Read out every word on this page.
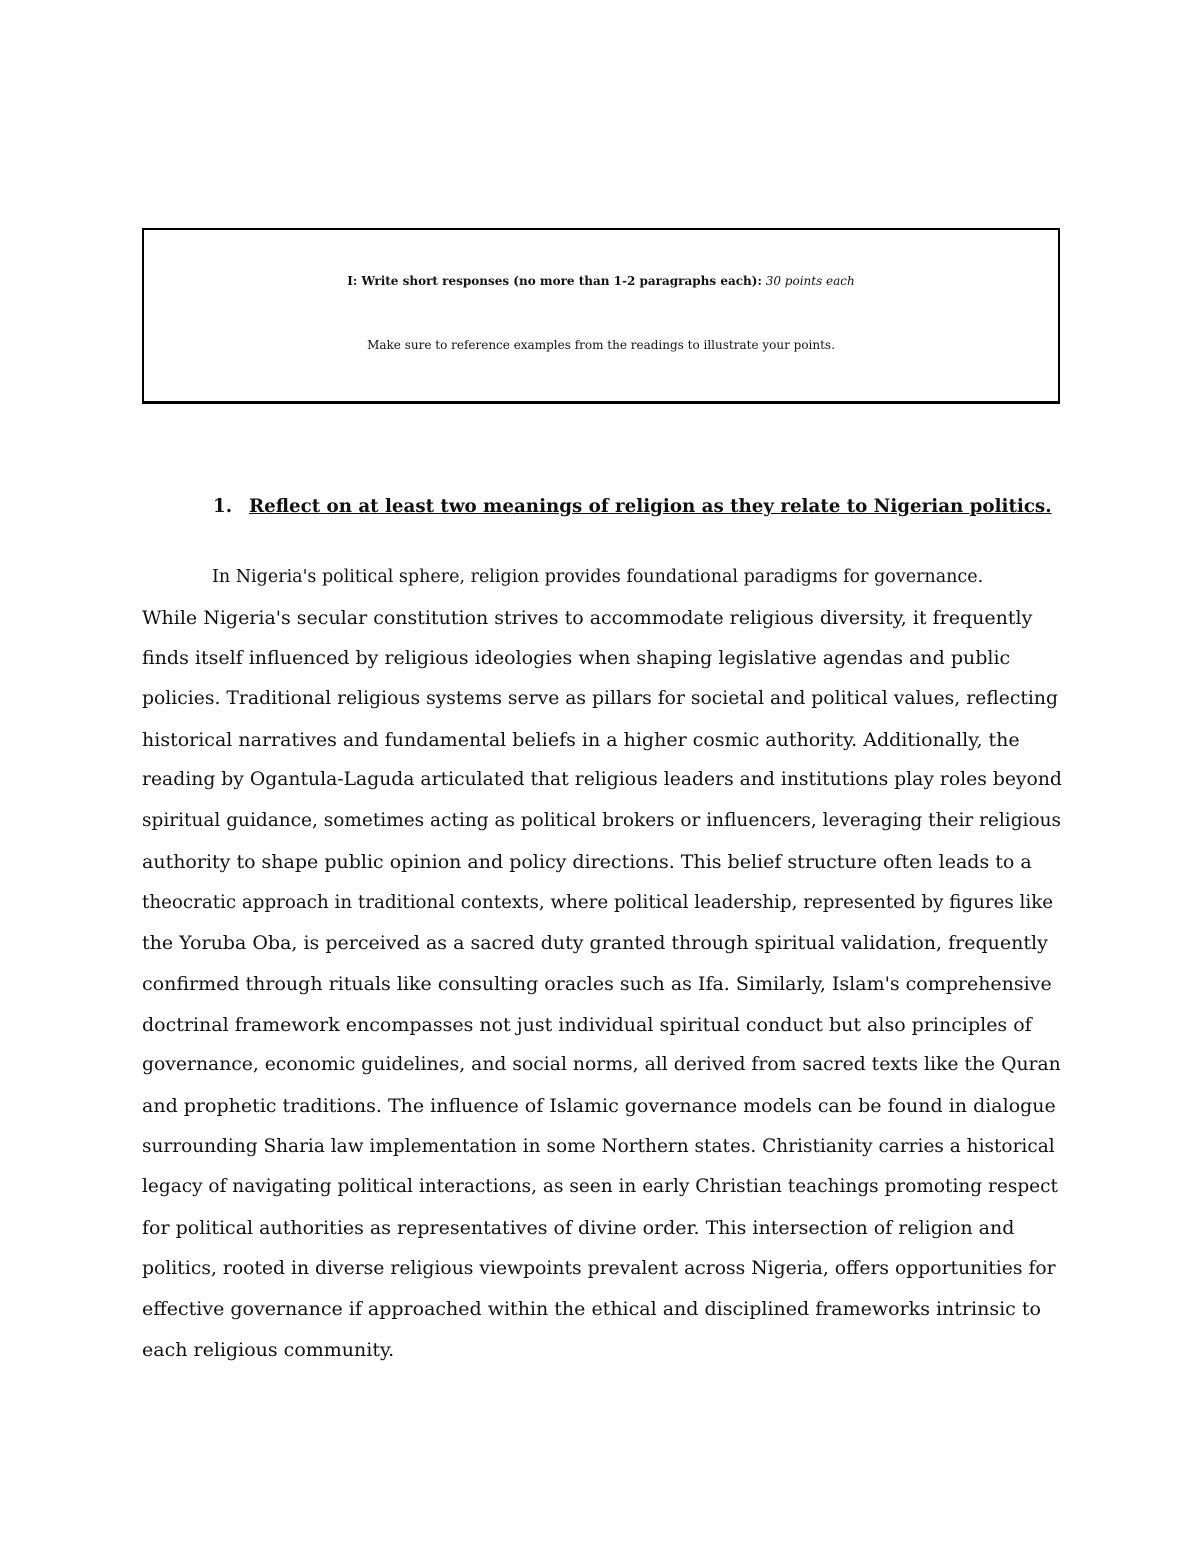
I: Write short responses (no more than 1-2 paragraphs each): 30 points each
Make sure to reference examples from the readings to illustrate your points.
1. Reflect on at least two meanings of religion as they relate to Nigerian politics.
In Nigeria's political sphere, religion provides foundational paradigms for governance.
While Nigeria's secular constitution strives to accommodate religious diversity, it frequently
finds itself influenced by religious ideologies when shaping legislative agendas and public
policies. Traditional religious systems serve as pillars for societal and political values, reflecting
historical narratives and fundamental beliefs in a higher cosmic authority. Additionally, the
reading by Ogantula-Laguda articulated that religious leaders and institutions play roles beyond
spiritual guidance, sometimes acting as political brokers or influencers, leveraging their religious
authority to shape public opinion and policy directions. This belief structure often leads to a
theocratic approach in traditional contexts, where political leadership, represented by figures like
the Yoruba Oba, is perceived as a sacred duty granted through spiritual validation, frequently
confirmed through rituals like consulting oracles such as Ifa. Similarly, Islam's comprehensive
doctrinal framework encompasses not just individual spiritual conduct but also principles of
governance, economic guidelines, and social norms, all derived from sacred texts like the Quran
and prophetic traditions. The influence of Islamic governance models can be found in dialogue
surrounding Sharia law implementation in some Northern states. Christianity carries a historical
legacy of navigating political interactions, as seen in early Christian teachings promoting respect
for political authorities as representatives of divine order. This intersection of religion and
politics, rooted in diverse religious viewpoints prevalent across Nigeria, offers opportunities for
effective governance if approached within the ethical and disciplined frameworks intrinsic to
each religious community.
